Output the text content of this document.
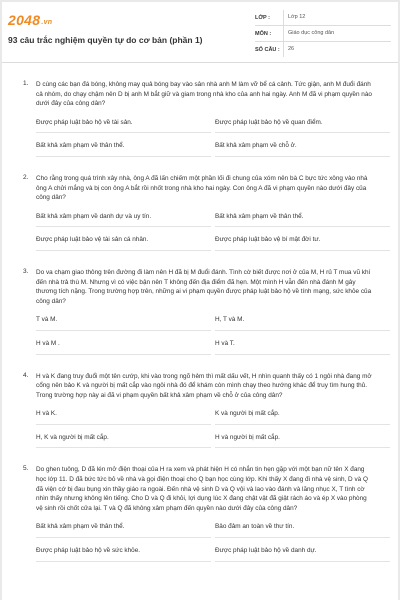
2048.vn
93 câu trắc nghiệm quyền tự do cơ bản (phần 1)
LỚP :	Lớp 12
MÔN :	Giáo dục công dân
SỐ CÂU :	26
1. D cùng các bạn đá bóng, không may quả bóng bay vào sân nhà anh M làm vỡ bể cá cảnh. Tức giận, anh M đuổi đánh cả nhóm, do chạy chậm nên D bị anh M bắt giữ và giam trong nhà kho của anh hai ngày. Anh M đã vi phạm quyền nào dưới đây của công dân?
Được pháp luật bảo hộ về tài sản.	Được pháp luật bảo hộ về quan điểm.
Bất khả xâm phạm về thân thể.	Bất khả xâm phạm về chỗ ở.
2. Cho rằng trong quá trình xây nhà, ông A đã lấn chiếm một phần lối đi chung của xóm nên bà C bực tức xông vào nhà ông A chửi mắng và bị con ông A bắt rồi nhốt trong nhà kho hai ngày. Con ông A đã vi phạm quyền nào dưới đây của công dân?
Bất khả xâm phạm về danh dự và uy tín.	Bất khả xâm phạm về thân thể.
Được pháp luật bảo vệ tài sản cá nhân.	Được pháp luật bảo vệ bí mật đời tư.
3. Do va chạm giao thông trên đường đi làm nên H đã bị M đuổi đánh. Tình cờ biết được nơi ở của M, H rủ T mua vũ khí đến nhà trả thù M. Nhưng vì có việc bận nên T không đến địa điểm đã hẹn. Một mình H vẫn đến nhà đánh M gây thương tích nặng. Trong trường hợp trên, những ai vi phạm quyền được pháp luật bảo hộ về tính mạng, sức khỏe của công dân?
T và M.	H, T và M.
H và M .	H và T.
4. H và K đang truy đuổi một tên cướp, khi vào trong ngõ hẻm thì mất dấu vết, H nhìn quanh thấy có 1 ngôi nhà đang mở cổng nên bảo K và người bị mất cắp vào ngôi nhà đó để khám còn mình chạy theo hướng khác để truy tìm hung thủ. Trong trường hợp này ai đã vi phạm quyền bất khả xâm phạm về chỗ ở của công dân?
H và K.	K và người bị mất cắp.
H, K và người bị mất cắp.	H và người bị mất cắp.
5. Do ghen tuông, D đã lén mở điện thoại của H ra xem và phát hiện H có nhắn tin hẹn gặp với một bạn nữ tên X đang học lớp 11. D đã bức tức bỏ về nhà và gọi điện thoại cho Q bạn học cùng lớp. Khi thấy X đang đi nhà vệ sinh, D và Q đã viện cớ bị đau bụng xin thầy giáo ra ngoài. Đến nhà vệ sinh D và Q vội và lao vào đánh và lăng nhục X, T tình cờ nhìn thấy nhưng không lên tiếng. Cho D và Q đi khỏi, lợi dụng lúc X đang chật vật đã giật rách áo và ép X vào phòng vệ sinh rồi chốt cửa lại. T và Q đã không xâm phạm đến quyền nào dưới đây của công dân?
Bất khả xâm phạm về thân thể.	Bảo đảm an toàn về thư tín.
Được pháp luật bảo hộ về sức khỏe.	Được pháp luật bảo hộ về danh dự.
